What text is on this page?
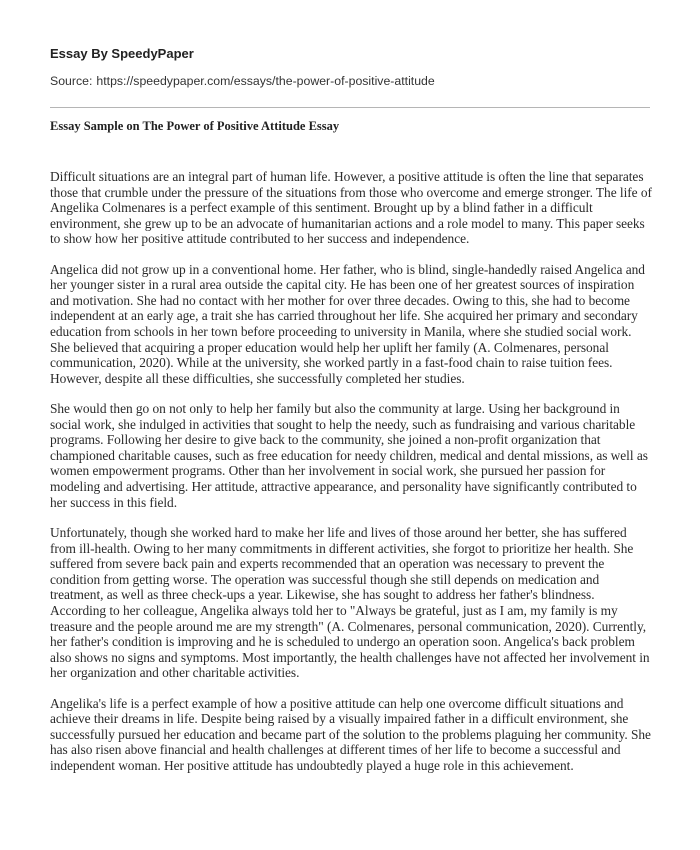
Essay By SpeedyPaper
Source: https://speedypaper.com/essays/the-power-of-positive-attitude
Essay Sample on The Power of Positive Attitude Essay

Difficult situations are an integral part of human life. However, a positive attitude is often the line that separates those that crumble under the pressure of the situations from those who overcome and emerge stronger. The life of Angelika Colmenares is a perfect example of this sentiment. Brought up by a blind father in a difficult environment, she grew up to be an advocate of humanitarian actions and a role model to many. This paper seeks to show how her positive attitude contributed to her success and independence.

Angelica did not grow up in a conventional home. Her father, who is blind, single-handedly raised Angelica and her younger sister in a rural area outside the capital city. He has been one of her greatest sources of inspiration and motivation. She had no contact with her mother for over three decades. Owing to this, she had to become independent at an early age, a trait she has carried throughout her life. She acquired her primary and secondary education from schools in her town before proceeding to university in Manila, where she studied social work. She believed that acquiring a proper education would help her uplift her family (A. Colmenares, personal communication, 2020). While at the university, she worked partly in a fast-food chain to raise tuition fees. However, despite all these difficulties, she successfully completed her studies.

She would then go on not only to help her family but also the community at large. Using her background in social work, she indulged in activities that sought to help the needy, such as fundraising and various charitable programs. Following her desire to give back to the community, she joined a non-profit organization that championed charitable causes, such as free education for needy children, medical and dental missions, as well as women empowerment programs. Other than her involvement in social work, she pursued her passion for modeling and advertising. Her attitude, attractive appearance, and personality have significantly contributed to her success in this field.

Unfortunately, though she worked hard to make her life and lives of those around her better, she has suffered from ill-health. Owing to her many commitments in different activities, she forgot to prioritize her health. She suffered from severe back pain and experts recommended that an operation was necessary to prevent the condition from getting worse. The operation was successful though she still depends on medication and treatment, as well as three check-ups a year. Likewise, she has sought to address her father's blindness. According to her colleague, Angelika always told her to "Always be grateful, just as I am, my family is my treasure and the people around me are my strength" (A. Colmenares, personal communication, 2020). Currently, her father's condition is improving and he is scheduled to undergo an operation soon. Angelica's back problem also shows no signs and symptoms. Most importantly, the health challenges have not affected her involvement in her organization and other charitable activities.

Angelika's life is a perfect example of how a positive attitude can help one overcome difficult situations and achieve their dreams in life. Despite being raised by a visually impaired father in a difficult environment, she successfully pursued her education and became part of the solution to the problems plaguing her community. She has also risen above financial and health challenges at different times of her life to become a successful and independent woman. Her positive attitude has undoubtedly played a huge role in this achievement.
